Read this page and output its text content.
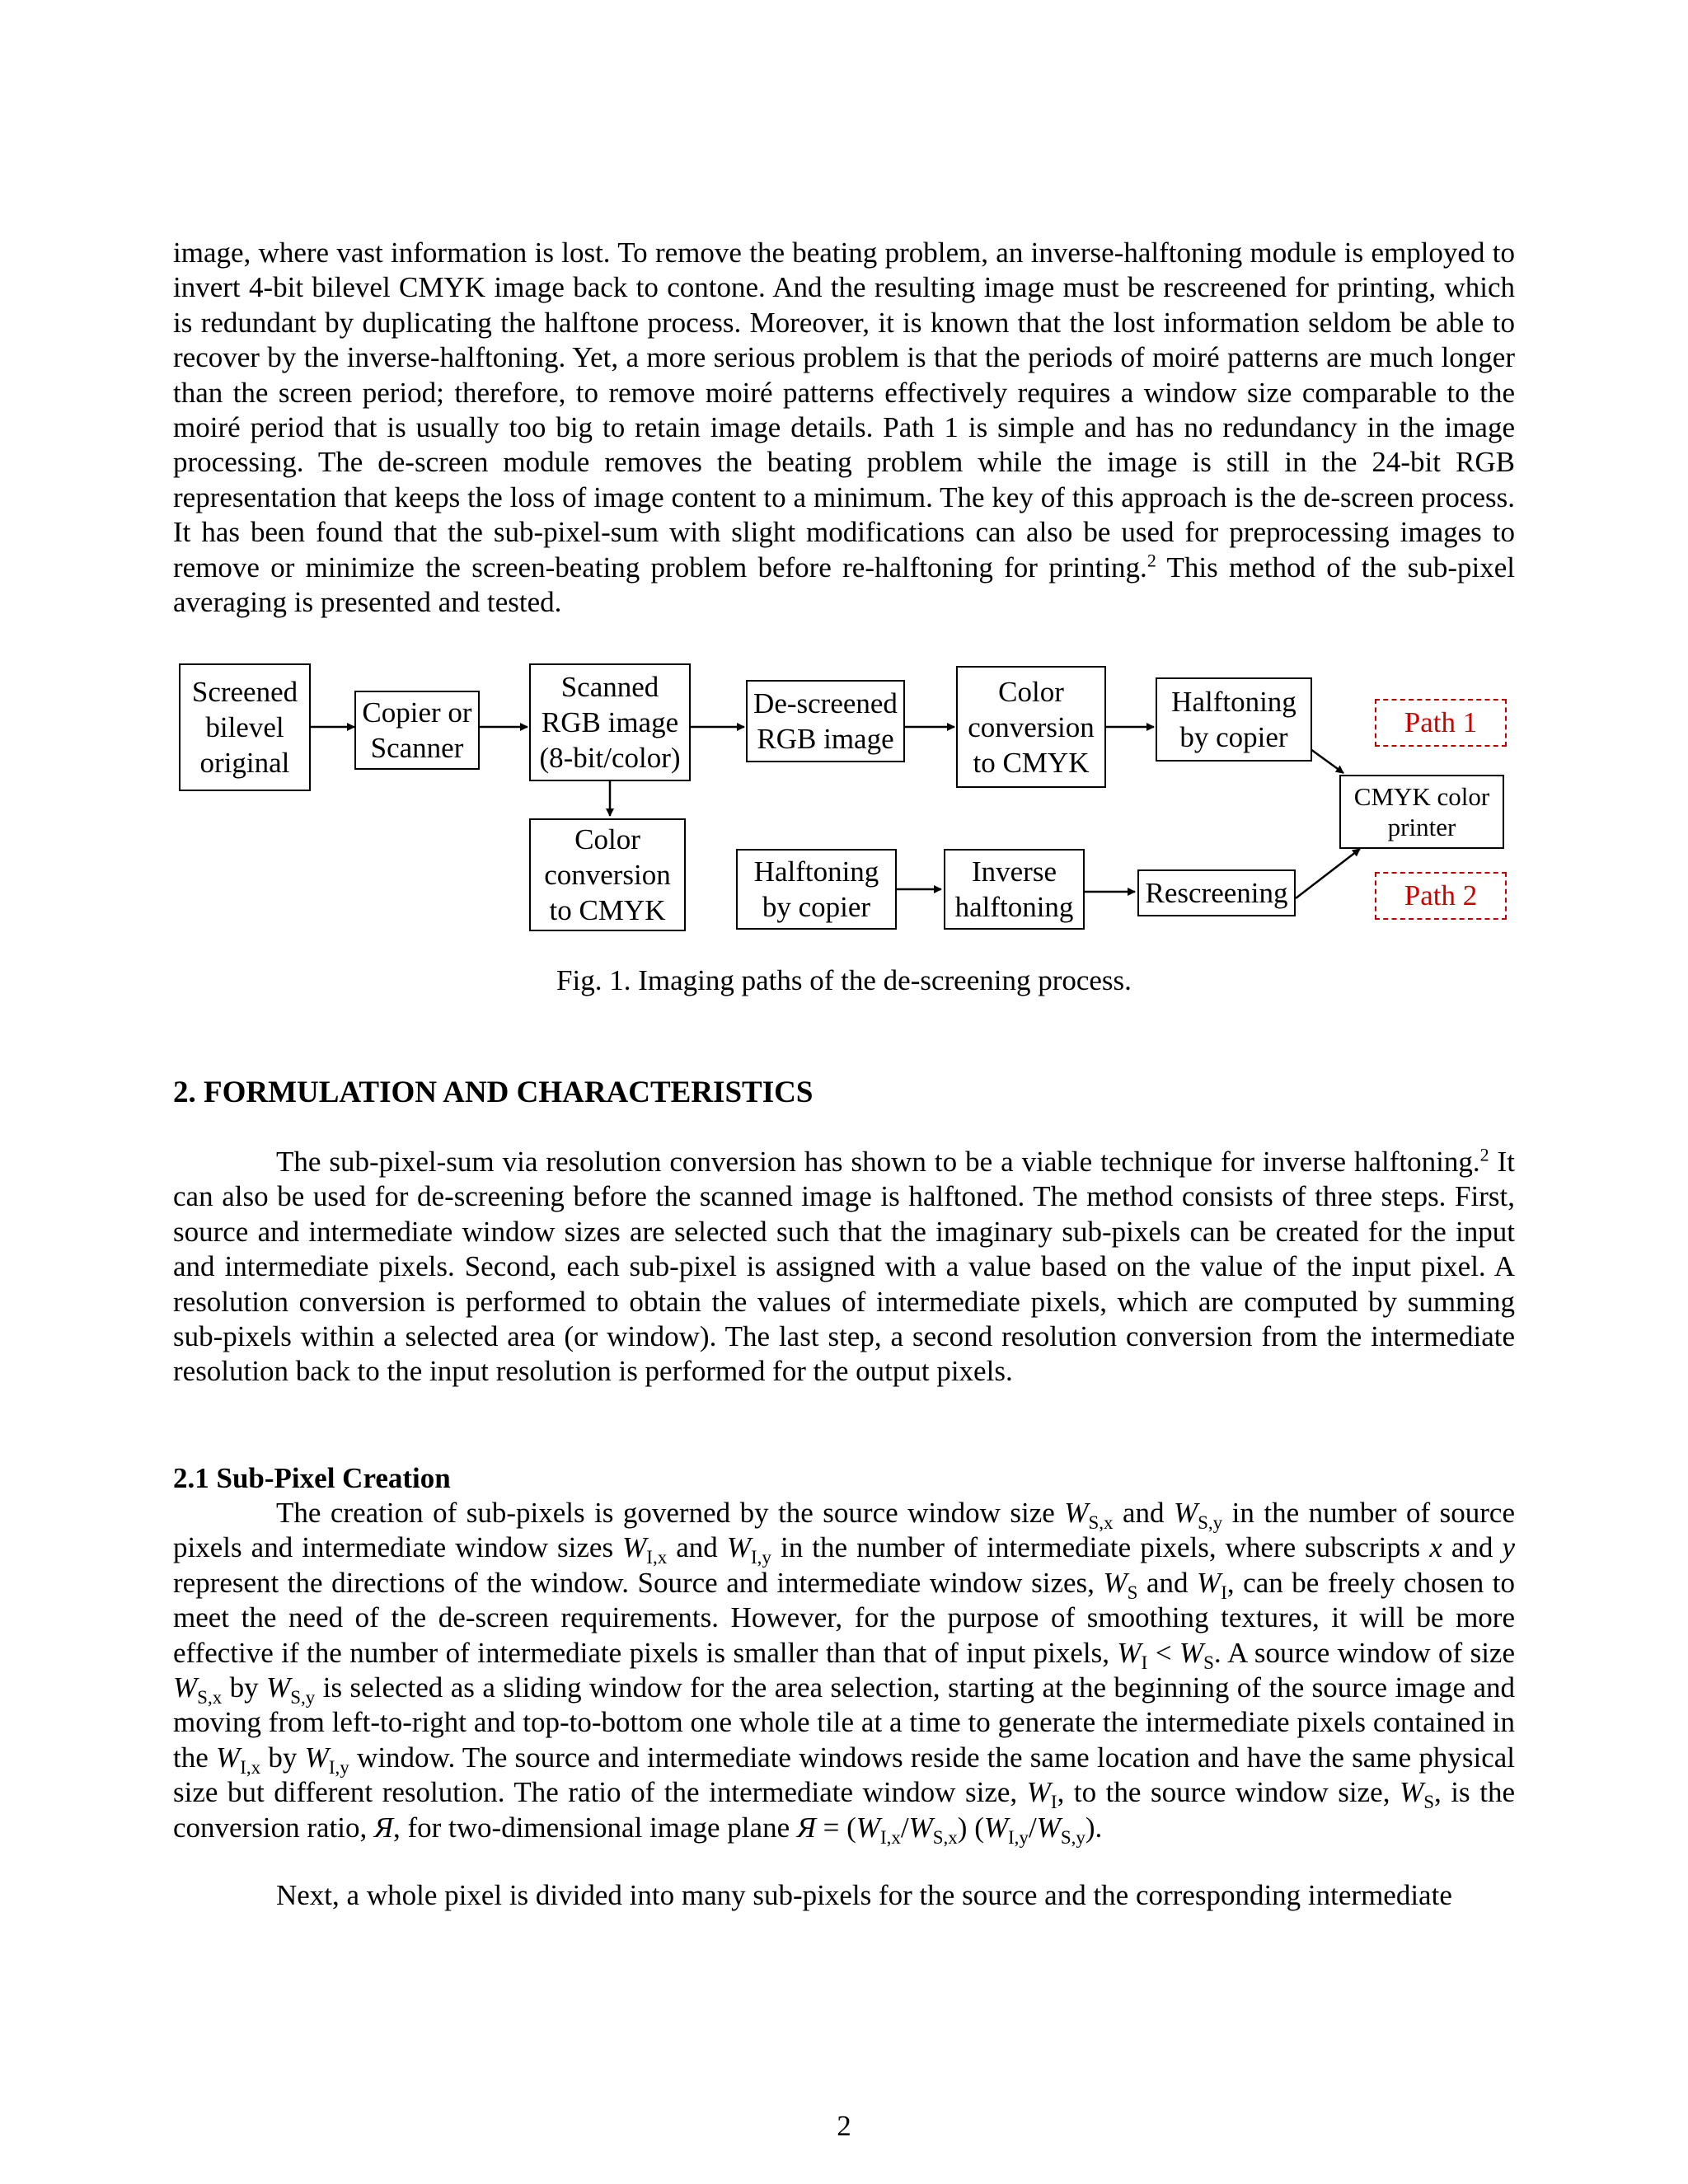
image, where vast information is lost. To remove the beating problem, an inverse-halftoning module is employed to invert 4-bit bilevel CMYK image back to contone. And the resulting image must be rescreened for printing, which is redundant by duplicating the halftone process. Moreover, it is known that the lost information seldom be able to recover by the inverse-halftoning. Yet, a more serious problem is that the periods of moiré patterns are much longer than the screen period; therefore, to remove moiré patterns effectively requires a window size comparable to the moiré period that is usually too big to retain image details. Path 1 is simple and has no redundancy in the image processing. The de-screen module removes the beating problem while the image is still in the 24-bit RGB representation that keeps the loss of image content to a minimum. The key of this approach is the de-screen process. It has been found that the sub-pixel-sum with slight modifications can also be used for preprocessing images to remove or minimize the screen-beating problem before re-halftoning for printing.$^2$ This method of the sub-pixel averaging is presented and tested.
Screened
bilevel
original
Copier or
Scanner
Scanned
RGB image
(8-bit/color)
De-screened
RGB image
Color
conversion
to CMYK
Halftoning
by copier	Path 1
CMYK color
printer
Color
conversion
to CMYK
Halftoning
by copier
Inverse
halftoning Rescreening	Path 2
Fig. 1. Imaging paths of the de-screening process.
2. FORMULATION AND CHARACTERISTICS
The sub-pixel-sum via resolution conversion has shown to be a viable technique for inverse halftoning.$^2$ It can also be used for de-screening before the scanned image is halftoned. The method consists of three steps. First, source and intermediate window sizes are selected such that the imaginary sub-pixels can be created for the input and intermediate pixels. Second, each sub-pixel is assigned with a value based on the value of the input pixel. A resolution conversion is performed to obtain the values of intermediate pixels, which are computed by summing sub-pixels within a selected area (or window). The last step, a second resolution conversion from the intermediate resolution back to the input resolution is performed for the output pixels.
2.1 Sub-Pixel Creation
The creation of sub-pixels is governed by the source window size $W_{S,x}$ and $W_{S,y}$ in the number of source pixels and intermediate window sizes $W_{I,x}$ and $W_{I,y}$ in the number of intermediate pixels, where subscripts x and y represent the directions of the window. Source and intermediate window sizes, $W_S$ and $W_I$, can be freely chosen to meet the need of the de-screen requirements. However, for the purpose of smoothing textures, it will be more effective if the number of intermediate pixels is smaller than that of input pixels, $W_I < W_S$. A source window of size $W_{S,x}$ by $W_{S,y}$ is selected as a sliding window for the area selection, starting at the beginning of the source image and moving from left-to-right and top-to-bottom one whole tile at a time to generate the intermediate pixels contained in the $W_{I,x}$ by $W_{I,y}$ window. The source and intermediate windows reside the same location and have the same physical size but different resolution. The ratio of the intermediate window size, $W_I$, to the source window size, $W_S$, is the conversion ratio, Я, for two-dimensional image plane $Я = (W_{I,x}/W_{S,x})$ $(W_{I,y}/W_{S,y})$.
Next, a whole pixel is divided into many sub-pixels for the source and the corresponding intermediate
2
